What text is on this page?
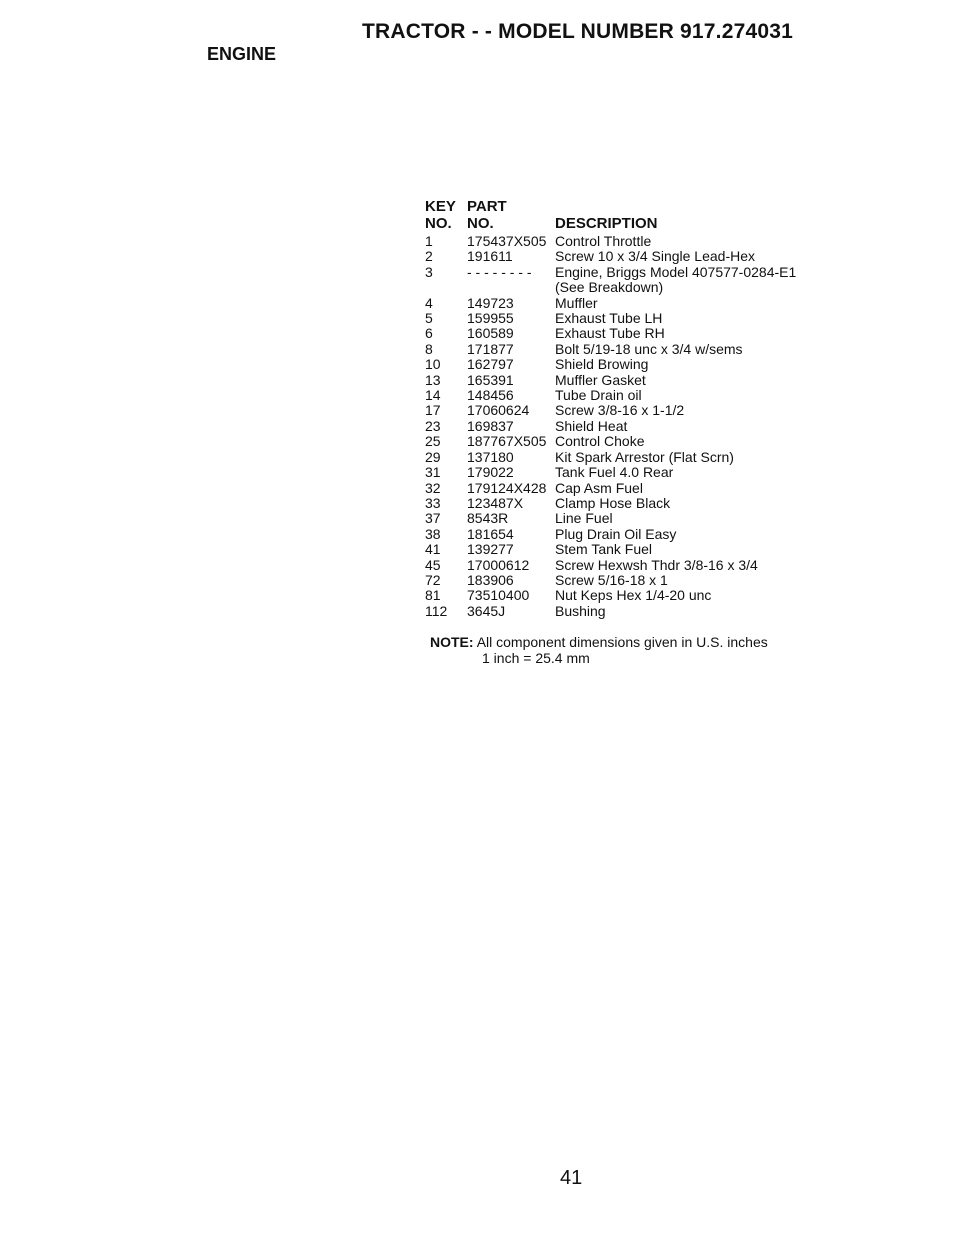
TRACTOR - - MODEL NUMBER 917.274031
ENGINE
KEY PART
NO.	NO.	DESCRIPTION
1	175437X505 Control Throttle
2	191611	Screw 10 x 3/4 Single Lead-Hex
3	- - - - - - - -	Engine, Briggs Model 407577-0284-E1
(See Breakdown)
4	149723	Muffler
5	159955	Exhaust Tube LH
6	160589	Exhaust Tube RH
8	171877	Bolt 5/19-18 unc x 3/4 w/sems
10	162797	Shield Browing
13	165391	Muffler Gasket
14	148456	Tube Drain oil
17	17060624	Screw 3/8-16 x 1-1/2
23	169837	Shield Heat
25	187767X505 Control Choke
29	137180	Kit Spark Arrestor (Flat Scrn)
31	179022	Tank Fuel 4.0 Rear
32	179124X428 Cap Asm Fuel
33	123487X	Clamp Hose Black
37	8543R	Line Fuel
38	181654	Plug Drain Oil Easy
41	139277	Stem Tank Fuel
45	17000612	Screw Hexwsh Thdr 3/8-16 x 3/4
72	183906	Screw 5/16-18 x 1
81	73510400	Nut Keps Hex 1/4-20 unc
112	3645J	Bushing
NOTE: All component dimensions given in U.S. inches
1 inch = 25.4 mm
41
